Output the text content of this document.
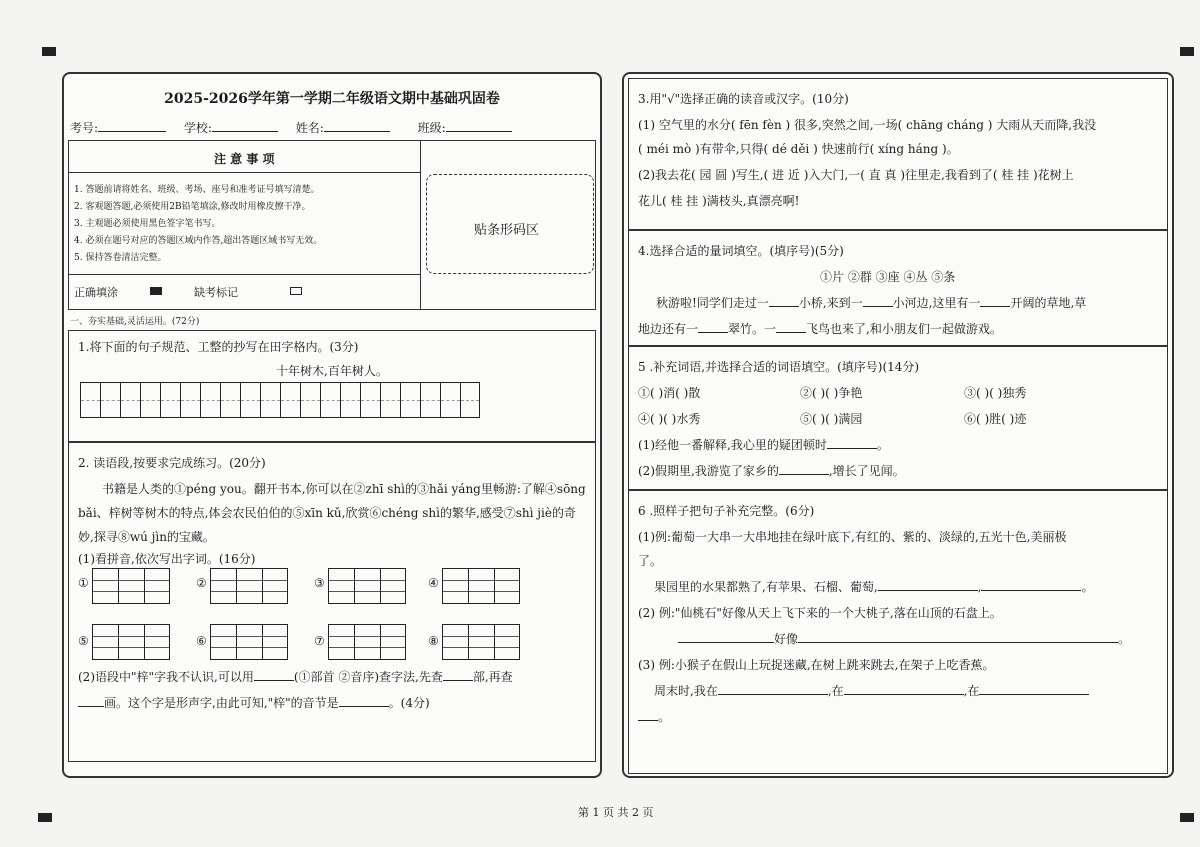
2025-2026学年第一学期二年级语文期中基础巩固卷
考号:	学校:	姓名:	班级:
注 意 事 项
1. 答题前请将姓名、班级、考场、座号和准考证号填写清楚。
2. 客观题答题,必须使用2B铅笔填涂,修改时用橡皮擦干净。
3. 主观题必须使用黑色签字笔书写。
4. 必须在题号对应的答题区域内作答,超出答题区域书写无效。
5. 保持答卷清洁完整。
正确填涂	缺考标记
贴条形码区
一、夯实基础,灵活运用。(72分)
1.将下面的句子规范、工整的抄写在田字格内。(3分)
十年树木,百年树人。
2. 读语段,按要求完成练习。(20分)
书籍是人类的①péng you。翻开书本,你可以在②zhī shì的③hǎi yáng里畅游:了解④sōng
bǎi、梓树等树木的特点,体会农民伯伯的⑤xīn kǔ,欣赏⑥chéng shì的繁华,感受⑦shì jiè的奇
妙,探寻⑧wú jìn的宝藏。
(1)看拼音,依次写出字词。(16分)
①	②	③	④
⑤	⑥	⑦	⑧
(2)语段中"梓"字我不认识,可以用	(①部首 ②音序)查字法,先查	部,再查
画。这个字是形声字,由此可知,"梓"的音节是	。(4分)
3.用"√"选择正确的读音或汉字。(10分)
(1) 空气里的水分( fēn fèn ) 很多,突然之间,一场( chāng cháng ) 大雨从天而降,我没
( méi mò )有带伞,只得( dé děi ) 快速前行( xíng háng )。
(2)我去花( 园 圆 )写生,( 进 近 )入大门,一( 直 真 )往里走,我看到了( 桂 挂 )花树上
花儿( 桂 挂 )满枝头,真漂亮啊!
4.选择合适的量词填空。(填序号)(5分)
①片 ②群 ③座 ④丛 ⑤条
秋游啦!同学们走过一	小桥,来到一	小河边,这里有一	开阔的草地,草
地边还有一	翠竹。一	飞鸟也来了,和小朋友们一起做游戏。
5 .补充词语,并选择合适的词语填空。(填序号)(14分)
①( )消( )散	②( )( )争艳	③( )( )独秀
④( )( )水秀	⑤( )( )满园	⑥( )胜( )迹
(1)经他一番解释,我心里的疑团顿时	。
(2)假期里,我游览了家乡的	,增长了见闻。
6 .照样子把句子补充完整。(6分)
(1)例:葡萄一大串一大串地挂在绿叶底下,有红的、紫的、淡绿的,五光十色,美丽极
了。
果园里的水果都熟了,有苹果、石榴、葡萄,	,	。
(2) 例:"仙桃石"好像从天上飞下来的一个大桃子,落在山顶的石盘上。
好像	。
(3) 例:小猴子在假山上玩捉迷藏,在树上跳来跳去,在架子上吃香蕉。
周末时,我在	,在	,在
。
第 1 页 共 2 页
